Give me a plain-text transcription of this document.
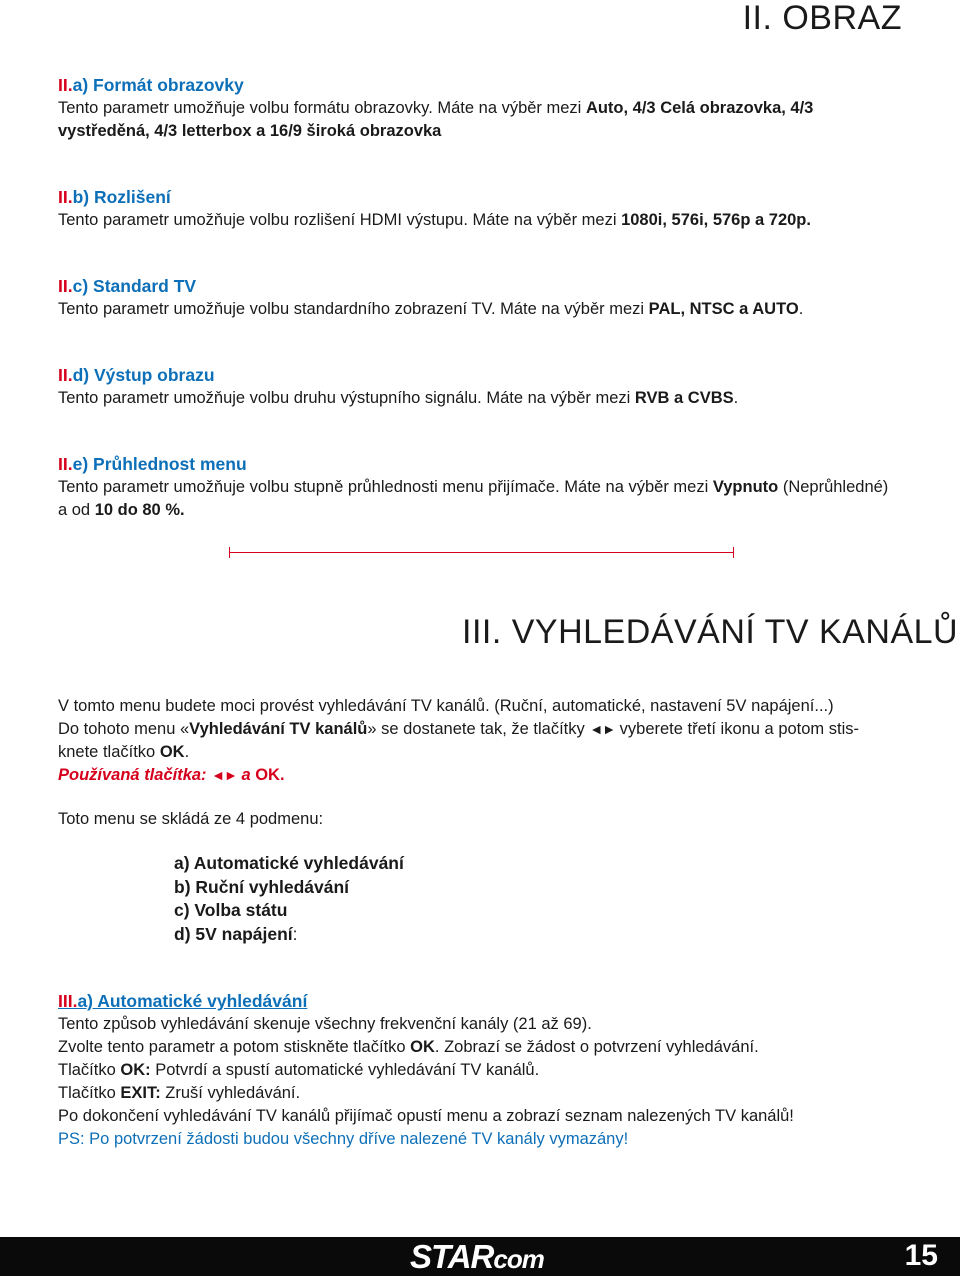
II. OBRAZ
II.a) Formát obrazovky
Tento parametr umožňuje volbu formátu obrazovky. Máte na výběr mezi Auto, 4/3 Celá obrazovka, 4/3
vystředěná, 4/3 letterbox a 16/9 široká obrazovka
II.b) Rozlišení
Tento parametr umožňuje volbu rozlišení HDMI výstupu. Máte na výběr mezi 1080i, 576i, 576p a 720p.
II.c) Standard TV
Tento parametr umožňuje volbu standardního zobrazení TV. Máte na výběr mezi PAL, NTSC a AUTO.
II.d) Výstup obrazu
Tento parametr umožňuje volbu druhu výstupního signálu. Máte na výběr mezi RVB a CVBS.
II.e) Průhlednost menu
Tento parametr umožňuje volbu stupně průhlednosti menu přijímače. Máte na výběr mezi Vypnuto (Neprůhledné)
a od 10 do 80 %.
III. VYHLEDÁVÁNÍ TV KANÁLŮ
V tomto menu budete moci provést vyhledávání TV kanálů. (Ruční, automatické, nastavení 5V napájení...)
Do tohoto menu «Vyhledávání TV kanálů» se dostanete tak, že tlačítky ◄► vyberete třetí ikonu a potom stis-
knete tlačítko OK.
Používaná tlačítka: ◄► a OK.
Toto menu se skládá ze 4 podmenu:
a) Automatické vyhledávání
b) Ruční vyhledávání
c) Volba státu
d) 5V napájení:
III.a) Automatické vyhledávání
Tento způsob vyhledávání skenuje všechny frekvenční kanály (21 až 69).
Zvolte tento parametr a potom stiskněte tlačítko OK. Zobrazí se žádost o potvrzení vyhledávání.
Tlačítko OK: Potvrdí a spustí automatické vyhledávání TV kanálů.
Tlačítko EXIT: Zruší vyhledávání.
Po dokončení vyhledávání TV kanálů přijímač opustí menu a zobrazí seznam nalezených TV kanálů!
PS: Po potvrzení žádosti budou všechny dříve nalezené TV kanály vymazány!
STARcom	15
